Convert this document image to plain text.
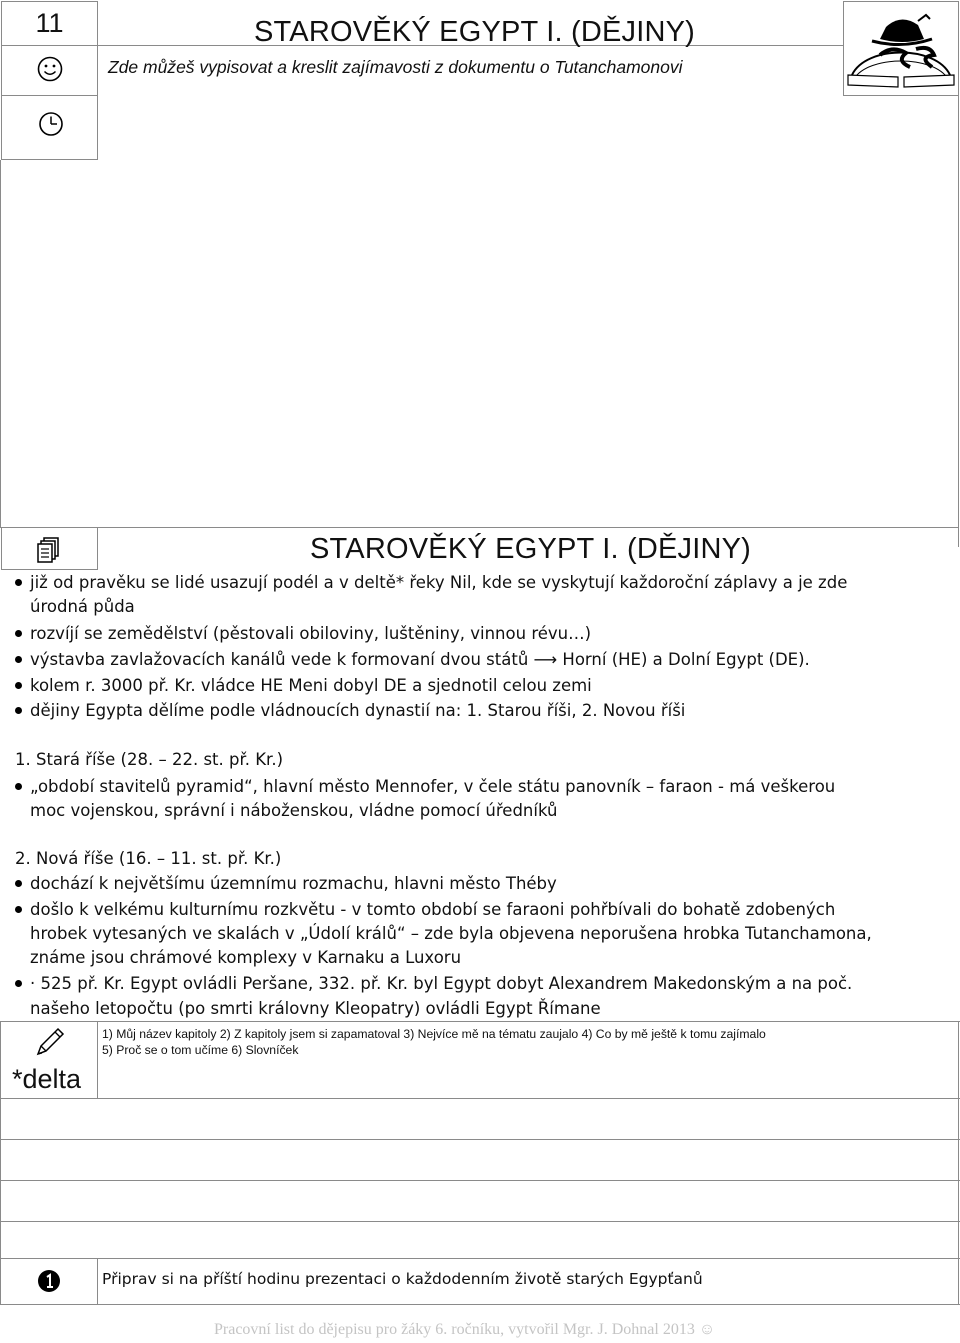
11	STAROVĚKÝ EGYPT I. (DĚJINY)
Zde můžeš vypisovat a kreslit zajímavosti z dokumentu o Tutanchamonovi
STAROVĚKÝ EGYPT I. (DĚJINY)
již od pravěku se lidé usazují podél a v deltě* řeky Nil, kde se vyskytují každoroční záplavy a je zde
úrodná půda
rozvíjí se zemědělství (pěstovali obiloviny, luštěniny, vinnou révu…)
výstavba zavlažovacích kanálů vede k formovaní dvou států ⟶ Horní (HE) a Dolní Egypt (DE).
kolem r. 3000 př. Kr. vládce HE Meni dobyl DE a sjednotil celou zemi
dějiny Egypta dělíme podle vládnoucích dynastií na: 1. Starou říši, 2. Novou říši
1. Stará říše (28. – 22. st. př. Kr.)
„období stavitelů pyramid“, hlavní město Mennofer, v čele státu panovník – faraon - má veškerou
moc vojenskou, správní i náboženskou, vládne pomocí úředníků
2. Nová říše (16. – 11. st. př. Kr.)
dochází k největšímu územnímu rozmachu, hlavni město Théby
došlo k velkému kulturnímu rozkvětu - v tomto období se faraoni pohřbívali do bohatě zdobených
hrobek vytesaných ve skalách v „Údolí králů“ – zde byla objevena neporušena hrobka Tutanchamona,
známe jsou chrámové komplexy v Karnaku a Luxoru
· 525 př. Kr. Egypt ovládli Peršane, 332. př. Kr. byl Egypt dobyt Alexandrem Makedonským a na poč.
našeho letopočtu (po smrti královny Kleopatry) ovládli Egypt Římane
1) Můj název kapitoly 2) Z kapitoly jsem si zapamatoval 3) Nejvíce mě na tématu zaujalo 4) Co by mě ještě k tomu zajímalo
5) Proč se o tom učíme 6) Slovníček
*delta
Připrav si na příští hodinu prezentaci o každodenním životě starých Egypťanů
Pracovní list do dějepisu pro žáky 6. ročníku, vytvořil Mgr. J. Dohnal 2013 ☺
